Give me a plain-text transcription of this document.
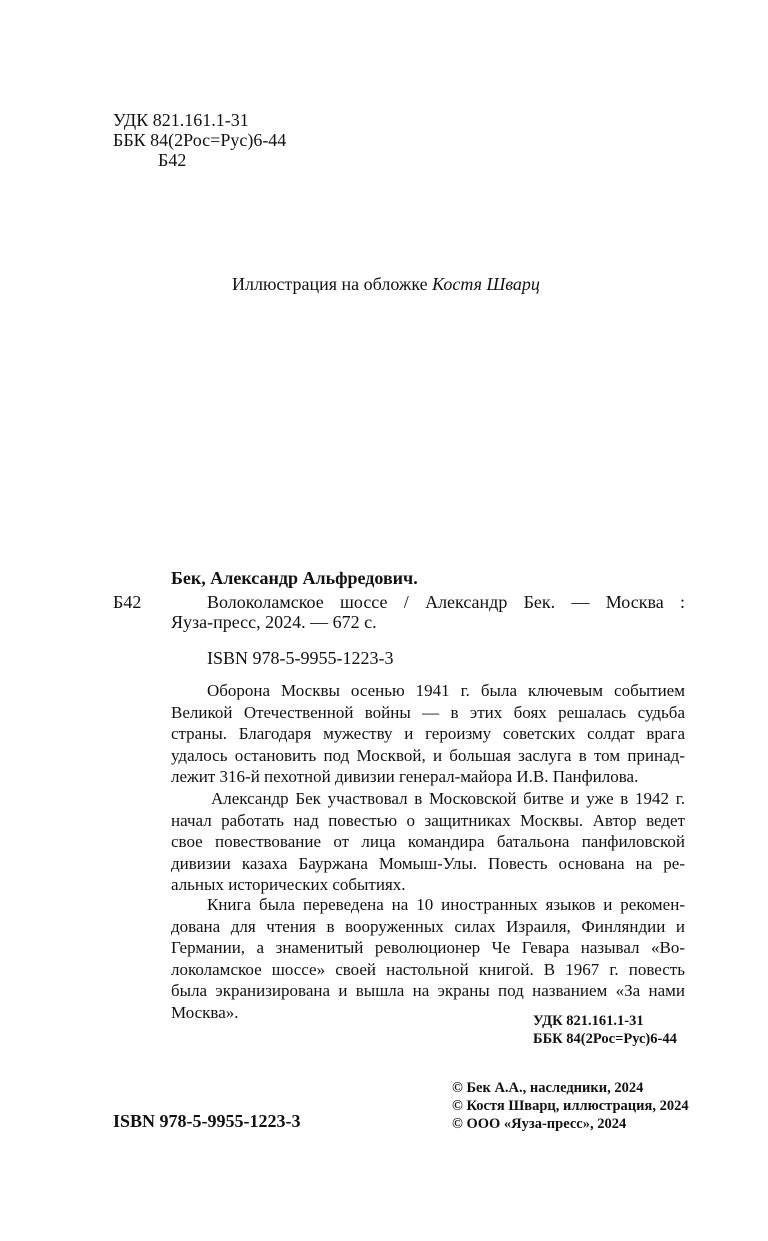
УДК 821.161.1-31
ББК 84(2Рос=Рус)6-44
Б42
Иллюстрация на обложке Костя Шварц
Бек, Александр Альфредович.
Б42	Волоколамское шоссе / Александр Бек. — Москва :
Яуза-пресс, 2024. — 672 с.
ISBN 978-5-9955-1223-3
Оборона Москвы осенью 1941 г. была ключевым событием
Великой Отечественной войны — в этих боях решалась судьба
страны. Благодаря мужеству и героизму советских солдат врага
удалось остановить под Москвой, и большая заслуга в том принад-
лежит 316-й пехотной дивизии генерал-майора И.В. Панфилова.
Александр Бек участвовал в Московской битве и уже в 1942 г.
начал работать над повестью о защитниках Москвы. Автор ведет
свое повествование от лица командира батальона панфиловской
дивизии казаха Бауржана Момыш-Улы. Повесть основана на ре-
альных исторических событиях.
Книга была переведена на 10 иностранных языков и рекомен-
дована для чтения в вооруженных силах Израиля, Финляндии и
Германии, а знаменитый революционер Че Гевара называл «Во-
локоламское шоссе» своей настольной книгой. В 1967 г. повесть
была экранизирована и вышла на экраны под названием «За нами
Москва».	УДК 821.161.1-31
ББК 84(2Рос=Рус)6-44
ISBN 978-5-9955-1223-3
© Бек А.А., наследники, 2024
© Костя Шварц, иллюстрация, 2024
© ООО «Яуза-пресс», 2024
